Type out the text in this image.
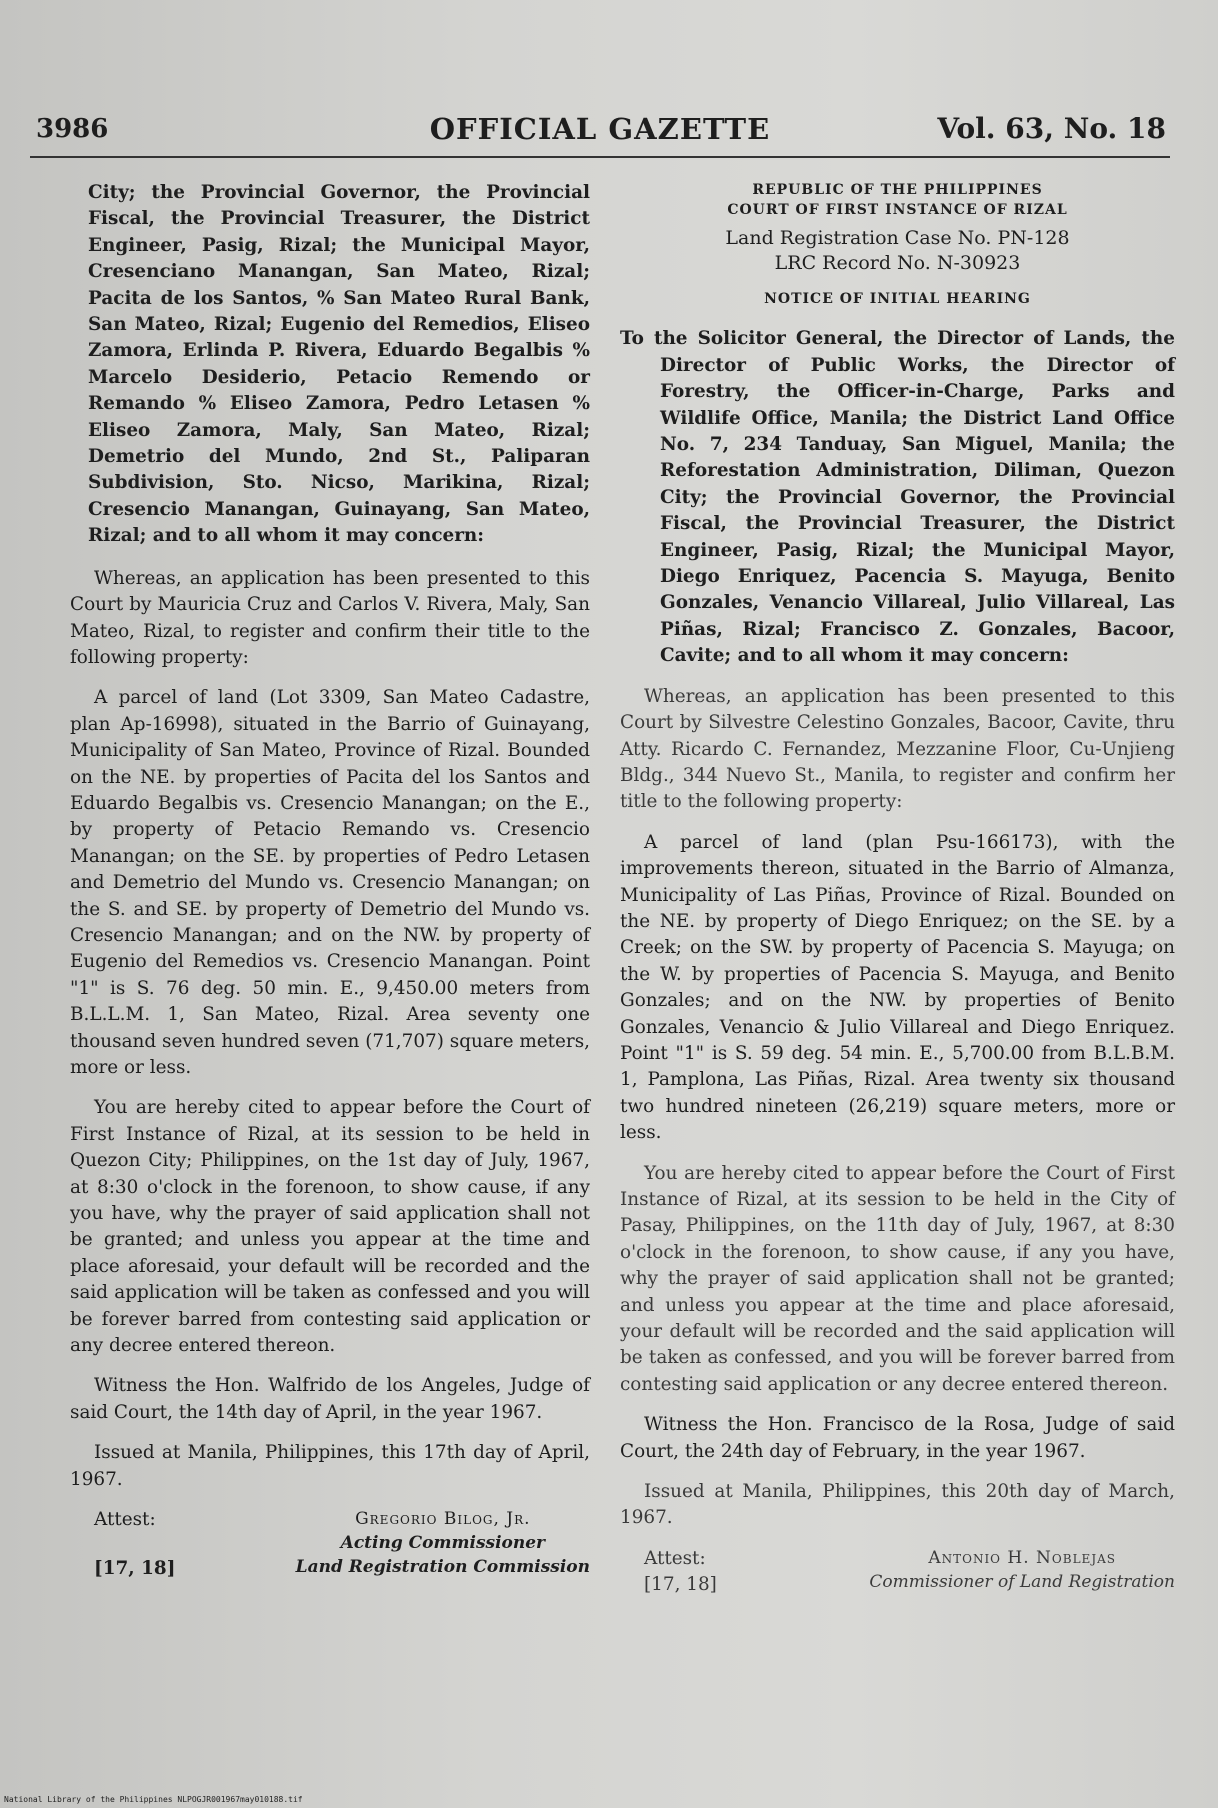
3986	OFFICIAL GAZETTE	Vol. 63, No. 18

City; the Provincial Governor, the Provincial Fiscal, the Provincial Treasurer, the District Engineer, Pasig, Rizal; the Municipal Mayor, Cresenciano Manangan, San Mateo, Rizal; Pacita de los Santos, % San Mateo Rural Bank, San Mateo, Rizal; Eugenio del Remedios, Eliseo Zamora, Erlinda P. Rivera, Eduardo Begalbis % Marcelo Desiderio, Petacio Remendo or Remando % Eliseo Zamora, Pedro Letasen % Eliseo Zamora, Maly, San Mateo, Rizal; Demetrio del Mundo, 2nd St., Paliparan Subdivision, Sto. Nicso, Marikina, Rizal; Cresencio Manangan, Guinayang, San Mateo, Rizal; and to all whom it may concern:

Whereas, an application has been presented to this Court by Mauricia Cruz and Carlos V. Rivera, Maly, San Mateo, Rizal, to register and confirm their title to the following property:

A parcel of land (Lot 3309, San Mateo Cadastre, plan Ap-16998), situated in the Barrio of Guinayang, Municipality of San Mateo, Province of Rizal. Bounded on the NE. by properties of Pacita del los Santos and Eduardo Begalbis vs. Cresencio Manangan; on the E., by property of Petacio Remando vs. Cresencio Manangan; on the SE. by properties of Pedro Letasen and Demetrio del Mundo vs. Cresencio Manangan; on the S. and SE. by property of Demetrio del Mundo vs. Cresencio Manangan; and on the NW. by property of Eugenio del Remedios vs. Cresencio Manangan. Point "1" is S. 76 deg. 50 min. E., 9,450.00 meters from B.L.L.M. 1, San Mateo, Rizal. Area seventy one thousand seven hundred seven (71,707) square meters, more or less.

You are hereby cited to appear before the Court of First Instance of Rizal, at its session to be held in Quezon City; Philippines, on the 1st day of July, 1967, at 8:30 o'clock in the forenoon, to show cause, if any you have, why the prayer of said application shall not be granted; and unless you appear at the time and place aforesaid, your default will be recorded and the said application will be taken as confessed and you will be forever barred from contesting said application or any decree entered thereon.

Witness the Hon. Walfrido de los Angeles, Judge of said Court, the 14th day of April, in the year 1967.

Issued at Manila, Philippines, this 17th day of April, 1967.

Attest:
[17, 18]
Gregorio Bilog, Jr.
Acting Commissioner
Land Registration Commission

REPUBLIC OF THE PHILIPPINES

COURT OF FIRST INSTANCE OF RIZAL

Land Registration Case No. PN-128

LRC Record No. N-30923

NOTICE OF INITIAL HEARING

To the Solicitor General, the Director of Lands, the Director of Public Works, the Director of Forestry, the Officer-in-Charge, Parks and Wildlife Office, Manila; the District Land Office No. 7, 234 Tanduay, San Miguel, Manila; the Reforestation Administration, Diliman, Quezon City; the Provincial Governor, the Provincial Fiscal, the Provincial Treasurer, the District Engineer, Pasig, Rizal; the Municipal Mayor, Diego Enriquez, Pacencia S. Mayuga, Benito Gonzales, Venancio Villareal, Julio Villareal, Las Piñas, Rizal; Francisco Z. Gonzales, Bacoor, Cavite; and to all whom it may concern:

Whereas, an application has been presented to this Court by Silvestre Celestino Gonzales, Bacoor, Cavite, thru Atty. Ricardo C. Fernandez, Mezzanine Floor, Cu-Unjieng Bldg., 344 Nuevo St., Manila, to register and confirm her title to the following property:

A parcel of land (plan Psu-166173), with the improvements thereon, situated in the Barrio of Almanza, Municipality of Las Piñas, Province of Rizal. Bounded on the NE. by property of Diego Enriquez; on the SE. by a Creek; on the SW. by property of Pacencia S. Mayuga; on the W. by properties of Pacencia S. Mayuga, and Benito Gonzales; and on the NW. by properties of Benito Gonzales, Venancio & Julio Villareal and Diego Enriquez. Point "1" is S. 59 deg. 54 min. E., 5,700.00 from B.L.B.M. 1, Pamplona, Las Piñas, Rizal. Area twenty six thousand two hundred nineteen (26,219) square meters, more or less.

You are hereby cited to appear before the Court of First Instance of Rizal, at its session to be held in the City of Pasay, Philippines, on the 11th day of July, 1967, at 8:30 o'clock in the forenoon, to show cause, if any you have, why the prayer of said application shall not be granted; and unless you appear at the time and place aforesaid, your default will be recorded and the said application will be taken as confessed, and you will be forever barred from contesting said application or any decree entered thereon.

Witness the Hon. Francisco de la Rosa, Judge of said Court, the 24th day of February, in the year 1967.

Issued at Manila, Philippines, this 20th day of March, 1967.

Attest:
[17, 18]
Antonio H. Noblejas
Commissioner of Land Registration
National Library of the Philippines NLPOGJR001967may010188.tif
